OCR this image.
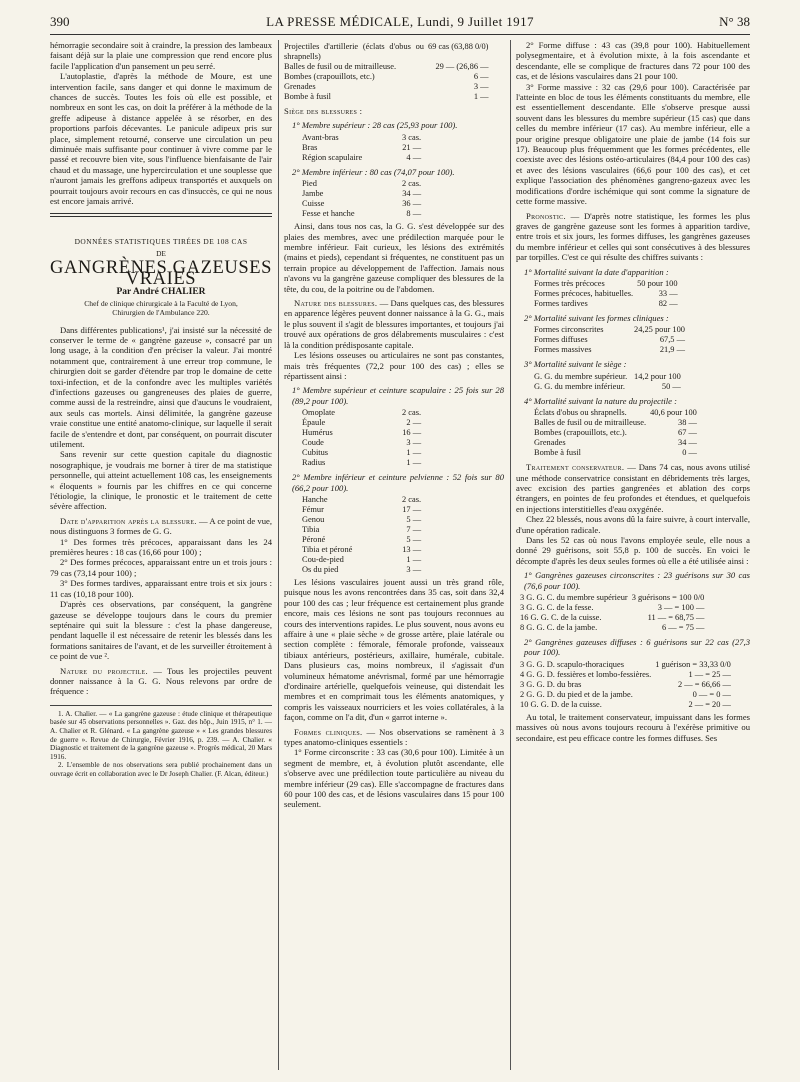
390	LA PRESSE MÉDICALE, Lundi, 9 Juillet 1917	N° 38

hémorragie secondaire soit à craindre, la pression des lambeaux faisant déjà sur la plaie une compression que rend encore plus facile l'application d'un pansement un peu serré.

L'autoplastie, d'après la méthode de Moure, est une intervention facile, sans danger et qui donne le maximum de chances de succès. Toutes les fois où elle est possible, et nombreux en sont les cas, on doit la préférer à la méthode de la greffe adipeuse à distance appelée à se résorber, en des proportions parfois décevantes. Le panicule adipeux pris sur place, simplement retourné, conserve une circulation un peu diminuée mais suffisante pour continuer à vivre comme par le passé et recouvre bien vite, sous l'influence bienfaisante de l'air chaud et du massage, une hypercirculation et une souplesse que n'auront jamais les greffons adipeux transportés et auxquels on pourrait toujours avoir recours en cas d'insuccès, ce qui ne nous est encore jamais arrivé.

DONNÉES STATISTIQUES TIRÉES DE 108 CAS
DE
GANGRÈNES GAZEUSES VRAIES
Par André CHALIER
Chef de clinique chirurgicale à la Faculté de Lyon,
Chirurgien de l'Ambulance 220.

Dans différentes publications¹, j'ai insisté sur la nécessité de conserver le terme de « gangrène gazeuse », consacré par un long usage, à la condition d'en préciser la valeur. J'ai montré notamment que, contrairement à une erreur trop commune, le chirurgien doit se garder d'étendre par trop le domaine de cette toxi-infection, et de la confondre avec les multiples variétés d'infections gazeuses ou gangreneuses des plaies de guerre, comme aussi de la restreindre, ainsi que d'aucuns le voudraient, aux seuls cas mortels. Ainsi délimitée, la gangrène gazeuse vraie constitue une entité anatomo-clinique, sur laquelle il serait facile de s'entendre et dont, par conséquent, on pourrait discuter utilement.

Sans revenir sur cette question capitale du diagnostic nosographique, je voudrais me borner à tirer de ma statistique personnelle, qui atteint actuellement 108 cas, les enseignements « éloquents » fournis par les chiffres en ce qui concerne l'étiologie, la clinique, le pronostic et le traitement de cette sévère affection.

Date d'apparition après la blessure. — A ce point de vue, nous distinguons 3 formes de G. G.

1° Des formes très précoces, apparaissant dans les 24 premières heures : 18 cas (16,66 pour 100) ;

2° Des formes précoces, apparaissant entre un et trois jours : 79 cas (73,14 pour 100) ;

3° Des formes tardives, apparaissant entre trois et six jours : 11 cas (10,18 pour 100).

D'après ces observations, par conséquent, la gangrène gazeuse se développe toujours dans le cours du premier septénaire qui suit la blessure : c'est la phase dangereuse, pendant laquelle il est nécessaire de retenir les blessés dans les formations sanitaires de l'avant, et de les surveiller étroitement à ce point de vue ².

Nature du projectile. — Tous les projectiles peuvent donner naissance à la G. G. Nous relevons par ordre de fréquence :

1. A. Chalier. — « La gangrène gazeuse : étude clinique et thérapeutique basée sur 45 observations personnelles ». Gaz. des hôp., Juin 1915, n° 1. — A. Chalier et R. Glénard. « La gangrène gazeuse » « Les grandes blessures de guerre ». Revue de Chirurgie, Février 1916, p. 239. — A. Chalier. « Diagnostic et traitement de la gangrène gazeuse ». Progrès médical, 20 Mars 1916.

2. L'ensemble de nos observations sera publié prochainement dans un ouvrage écrit en collaboration avec le Dr Joseph Chalier. (F. Alcan, éditeur.)

Projectiles d'artillerie (éclats d'obus ou shrapnells)	69 cas (63,88 0/0)
Balles de fusil ou de mitrailleuse.	29 — (26,86 —
Bombes (crapouillots, etc.)	6 —
Grenades	3 —
Bombe à fusil	1 —

Siège des blessures :

1° Membre supérieur : 28 cas (25,93 pour 100).
Avant-bras	3 cas.
Bras	21 —
Région scapulaire	4 —
2° Membre inférieur : 80 cas (74,07 pour 100).
Pied	2 cas.
Jambe	34 —
Cuisse	36 —
Fesse et hanche	8 —

Ainsi, dans tous nos cas, la G. G. s'est développée sur des plaies des membres, avec une prédilection marquée pour le membre inférieur. Fait curieux, les lésions des extrémités (mains et pieds), cependant si fréquentes, ne constituent pas un terrain propice au développement de l'affection. Jamais nous n'avons vu la gangrène gazeuse compliquer des blessures de la tête, du cou, de la poitrine ou de l'abdomen.

Nature des blessures. — Dans quelques cas, des blessures en apparence légères peuvent donner naissance à la G. G., mais le plus souvent il s'agit de blessures importantes, et toujours j'ai trouvé aux opérations de gros délabrements musculaires : c'est là la condition prédisposante capitale.

Les lésions osseuses ou articulaires ne sont pas constantes, mais très fréquentes (72,2 pour 100 des cas) ; elles se répartissent ainsi :

1° Membre supérieur et ceinture scapulaire : 25 fois sur 28 (89,2 pour 100).
Omoplate	2 cas.
Épaule	2 —
Humérus	16 —
Coude	3 —
Cubitus	1 —
Radius	1 —
2° Membre inférieur et ceinture pelvienne : 52 fois sur 80 (66,2 pour 100).
Hanche	2 cas.
Fémur	17 —
Genou	5 —
Tibia	7 —
Péroné	5 —
Tibia et péroné	13 —
Cou-de-pied	1 —
Os du pied	3 —

Les lésions vasculaires jouent aussi un très grand rôle, puisque nous les avons rencontrées dans 35 cas, soit dans 32,4 pour 100 des cas ; leur fréquence est certainement plus grande encore, mais ces lésions ne sont pas toujours reconnues au cours des interventions rapides. Le plus souvent, nous avons eu affaire à une « plaie sèche » de grosse artère, plaie latérale ou section complète : fémorale, fémorale profonde, vaisseaux tibiaux antérieurs, postérieurs, axillaire, humérale, cubitale. Dans plusieurs cas, moins nombreux, il s'agissait d'un volumineux hématome anévrismal, formé par une hémorragie d'ordinaire artérielle, quelquefois veineuse, qui distendait les membres et en comprimait tous les éléments anatomiques, y compris les vaisseaux nourriciers et les voies collatérales, à la façon, comme on l'a dit, d'un « garrot interne ».

Formes cliniques. — Nos observations se ramènent à 3 types anatomo-cliniques essentiels :

1° Forme circonscrite : 33 cas (30,6 pour 100). Limitée à un segment de membre, et, à évolution plutôt ascendante, elle s'observe avec une prédilection toute particulière au niveau du membre inférieur (29 cas). Elle s'accompagne de fractures dans 60 pour 100 des cas, et de lésions vasculaires dans 15 pour 100 seulement.

2° Forme diffuse : 43 cas (39,8 pour 100). Habituellement polysegmentaire, et à évolution mixte, à la fois ascendante et descendante, elle se complique de fractures dans 72 pour 100 des cas, et de lésions vasculaires dans 21 pour 100.

3° Forme massive : 32 cas (29,6 pour 100). Caractérisée par l'atteinte en bloc de tous les éléments constituants du membre, elle est essentiellement descendante. Elle s'observe presque aussi souvent dans les blessures du membre supérieur (15 cas) que dans celles du membre inférieur (17 cas). Au membre inférieur, elle a pour origine presque obligatoire une plaie de jambe (14 fois sur 17). Beaucoup plus fréquemment que les formes précédentes, elle coexiste avec des lésions ostéo-articulaires (84,4 pour 100 des cas) et avec des lésions vasculaires (66,6 pour 100 des cas), et cet explique l'association des phénomènes gangreno-gazeux avec les modifications d'ordre ischémique qui sont comme la signature de cette forme massive.

Pronostic. — D'après notre statistique, les formes les plus graves de gangrène gazeuse sont les formes à apparition tardive, entre trois et six jours, les formes diffuses, les gangrènes gazeuses du membre inférieur et celles qui sont consécutives à des blessures par torpilles. C'est ce qui résulte des chiffres suivants :

1° Mortalité suivant la date d'apparition :
Formes très précoces	50 pour 100
Formes précoces, habituelles.	33 —
Formes tardives	82 —
2° Mortalité suivant les formes cliniques :
Formes circonscrites	24,25 pour 100
Formes diffuses	67,5 —
Formes massives	21,9 —
3° Mortalité suivant le siège :
G. G. du membre supérieur.	14,2 pour 100
G. G. du membre inférieur.	50 —
4° Mortalité suivant la nature du projectile :
Éclats d'obus ou shrapnells.	40,6 pour 100
Balles de fusil ou de mitrailleuse.	38 —
Bombes (crapouillots, etc.).	67 —
Grenades	34 —
Bombe à fusil	0 —

Traitement conservateur. — Dans 74 cas, nous avons utilisé une méthode conservatrice consistant en débridements très larges, avec excision des parties gangrenées et ablation des corps étrangers, en pointes de feu profondes et étendues, et quelquefois en injections interstitielles d'eau oxygénée.

Chez 22 blessés, nous avons dû la faire suivre, à court intervalle, d'une opération radicale.

Dans les 52 cas où nous l'avons employée seule, elle nous a donné 29 guérisons, soit 55,8 p. 100 de succès. En voici le décompte d'après les deux seules formes où elle a été utilisée ainsi :

1° Gangrènes gazeuses circonscrites : 23 guérisons sur 30 cas (76,6 pour 100).
3 G. G. C. du membre supérieur	3 guérisons = 100 0/0
3 G. G. C. de la fesse.	3 — = 100 —
16 G. G. C. de la cuisse.	11 — = 68,75 —
8 G. G. C. de la jambe.	6 — = 75 —
2° Gangrènes gazeuses diffuses : 6 guérisons sur 22 cas (27,3 pour 100).
3 G. G. D. scapulo-thoraciques	1 guérison = 33,33 0/0
4 G. G. D. fessières et lombo-fessières.	1 — = 25 —
3 G. G. D. du bras	2 — = 66,66 —
2 G. G. D. du pied et de la jambe.	0 — = 0 —
10 G. G. D. de la cuisse.	2 — = 20 —

Au total, le traitement conservateur, impuissant dans les formes massives où nous avons toujours recouru à l'exérèse primitive ou secondaire, est peu efficace contre les formes diffuses. Ses
